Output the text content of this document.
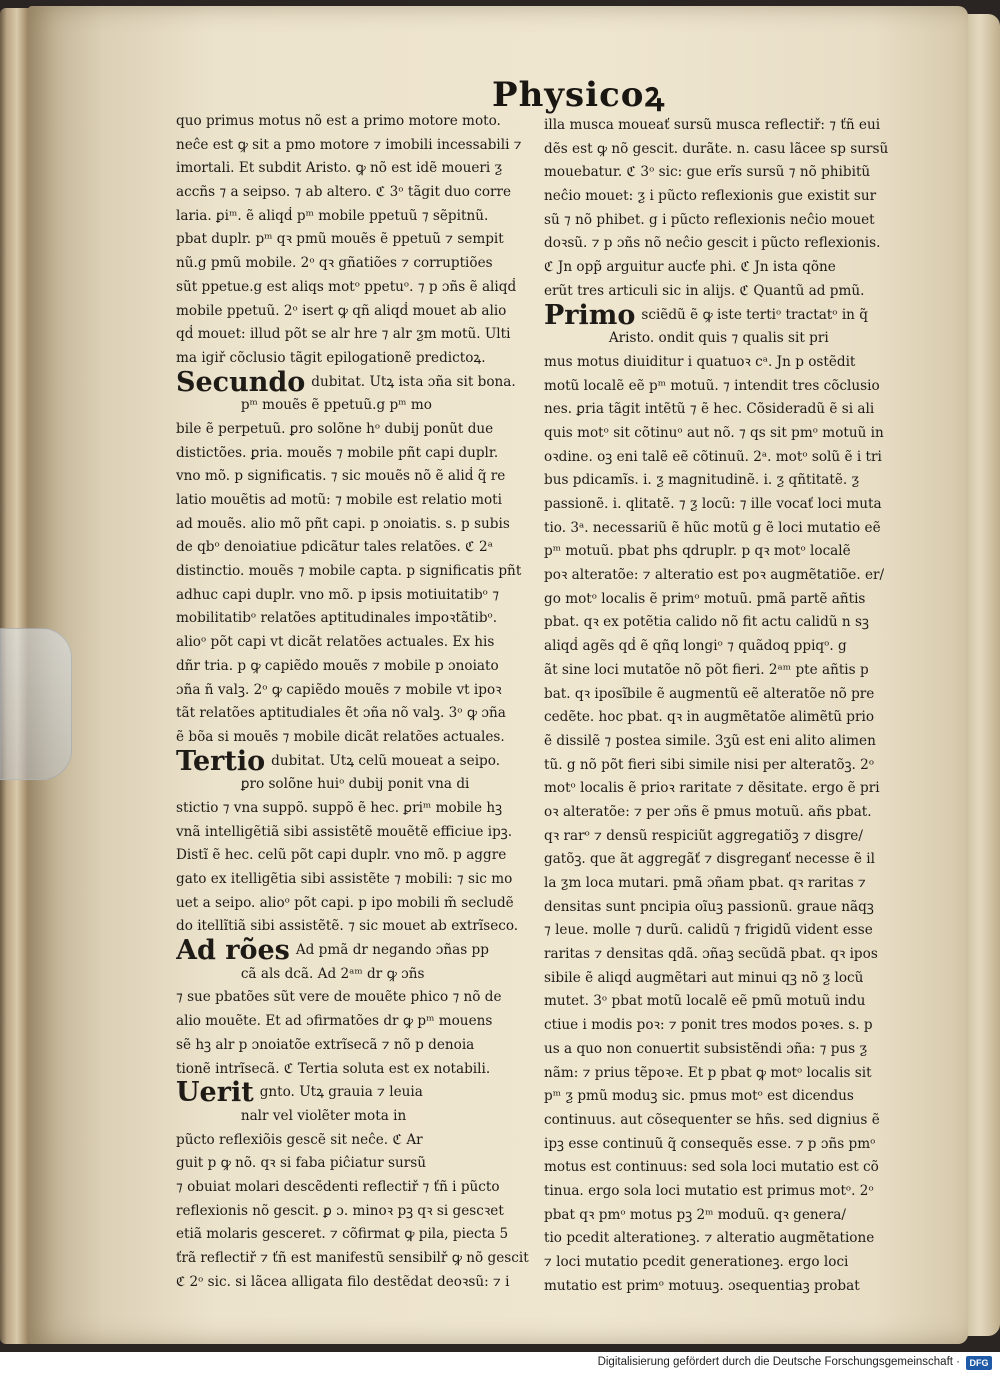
Physicoꝝ
quo primus motus nõ est a primo motore moto.
neĉe est ꝙ sit a pmo motore ⁊ imobili incessabili ⁊
imortali. Et subdit Aristo. ꝙ nõ est idẽ moueri ƺ
accñs ⁊ a seipso. ⁊ ab altero. ℭ 3ᵒ tãgit duo corre
laria. ꝑiᵐ. ẽ aliqḋ pᵐ mobile ppetuũ ⁊ sẽpitnũ.
pbat duplr. pᵐ qꝛ pmũ mouẽs ẽ ppetuũ ⁊ sempit
nũ.g pmũ mobile. 2ᵒ qꝛ gñatiões ⁊ corruptiões
sũt ppetue.g est aliqs motᵒ ppetuᵒ. ⁊ p ɔñs ẽ aliqḋ
mobile ppetuũ. 2ᵒ isert ꝙ qñ aliqḋ mouet ab alio
qḋ mouet: illud põt se alr hre ⁊ alr ƺm motũ. Ulti
ma igiř cõclusio tãgit epilogationẽ predictoꝝ.
Secundo dubitat. Utꝝ ista ɔña sit bona.
pᵐ mouẽs ẽ ppetuũ.g pᵐ mo
bile ẽ perpetuũ. ꝑro solõne hᵒ dubij ponũt due
distictões. ꝑria. mouẽs ⁊ mobile pñt capi duplr.
vno mõ. p significatis. ⁊ sic mouẽs nõ ẽ aliḋ q̃ re
latio mouẽtis ad motũ: ⁊ mobile est relatio moti
ad mouẽs. alio mõ pñt capi. p ɔnoiatis. s. p subis
de qbᵒ denoiatiue pdicãtur tales relatões. ℭ 2ᵃ
distinctio. mouẽs ⁊ mobile capta. p significatis pñt
adhuc capi duplr. vno mõ. p ipsis motiuitatibᵒ ⁊
mobilitatibᵒ relatões aptitudinales impoꝛtãtibᵒ.
alioᵒ põt capi vt dicãt relatões actuales. Ex his
dñr tria. p ꝙ capiẽdo mouẽs ⁊ mobile p ɔnoiato
ɔña ñ valꝫ. 2ᵒ ꝙ capiẽdo mouẽs ⁊ mobile vt ipoꝛ
tãt relatões aptitudiales ẽt ɔña nõ valꝫ. 3ᵒ ꝙ ɔña
ẽ bõa si mouẽs ⁊ mobile dicãt relatões actuales.
Tertio dubitat. Utꝝ celũ moueat a seipo.
ꝑro solõne huiᵒ dubij ponit vna di
stictio ⁊ vna suppõ. suppõ ẽ hec. ꝑriᵐ mobile hꝫ
vnã intelligẽtiã sibi assistẽtẽ mouẽtẽ efficiue ipꝫ.
Distĩ ẽ hec. celũ põt capi duplr. vno mõ. p aggre
gato ex itelligẽtia sibi assistẽte ⁊ mobili: ⁊ sic mo
uet a seipo. alioᵒ põt capi. p ipo mobili m̃ secludẽ
do itellĩtiã sibi assistẽtẽ. ⁊ sic mouet ab extrĩseco.
Ad rões Ad pmã dr negando ɔñas pp
cã als dcã. Ad 2ᵃᵐ dr ꝙ ɔñs
⁊ sue pbatões sũt vere de mouẽte phico ⁊ nõ de
alio mouẽte. Et ad ɔfirmatões dr ꝙ pᵐ mouens
sẽ hꝫ alr p ɔnoiatõe extrĩsecã ⁊ nõ p denoia
tionẽ intrĩsecã. ℭ Tertia soluta est ex notabili.
Uerit gnto. Utꝝ grauia ⁊ leuia
nalr vel violẽter mota in
pũcto reflexiõis gescẽ sit neĉe. ℭ Ar
guit p ꝙ nõ. qꝛ si faba piĉiatur sursũ
⁊ obuiat molari descẽdenti reflectiř ⁊ ťñ i pũcto
reflexionis nõ gescit. ꝑ ɔ. minoꝛ pꝫ qꝛ si gescꝛet
etiã molaris gesceret. ⁊ cõfirmat ꝙ pila, piecta 5
ťrã reflectiř ⁊ ťñ est manifestũ sensibilř ꝙ nõ gescit
ℭ 2ᵒ sic. si lãcea alligata filo destẽdat deoꝛsũ: ⁊ i
illa musca moueať sursũ musca reflectiř: ⁊ ťñ eui
dẽs est ꝙ nõ gescit. durãte. n. casu lãcee sp sursũ
mouebatur. ℭ 3ᵒ sic: gue erĩs sursũ ⁊ nõ phibitũ
neĉio mouet: ƺ i pũcto reflexionis gue existit sur
sũ ⁊ nõ phibet. g i pũcto reflexionis neĉio mouet
doꝛsũ. ⁊ p ɔñs nõ neĉio gescit i pũcto reflexionis.
ℭ Jn opp̃ arguitur aucťe phi. ℭ Jn ista qõne
erũt tres articuli sic in alijs. ℭ Quantũ ad pmũ.
Primo sciẽdũ ẽ ꝙ iste tertiᵒ tractatᵒ in q̃
Aristo. ondit quis ⁊ qualis sit pri
mus motus diuiditur i quatuoꝛ cᵃ. Jn p ostẽdit
motũ localẽ eẽ pᵐ motuũ. ⁊ intendit tres cõclusio
nes. ꝑria tãgit intẽtũ ⁊ ẽ hec. Cõsideradũ ẽ si ali
quis motᵒ sit cõtinuᵒ aut nõ. ⁊ qs sit pmᵒ motuũ in
oꝛdine. oꝫ eni talẽ eẽ cõtinuũ. 2ᵃ. motᵒ solũ ẽ i tri
bus pdicamĩs. i. ƺ magnitudinẽ. i. ƺ qñtitatẽ. ƺ
passionẽ. i. qlitatẽ. ⁊ ƺ locũ: ⁊ ille vocať loci muta
tio. 3ᵃ. necessariũ ẽ hũc motũ g ẽ loci mutatio eẽ
pᵐ motuũ. pbat phs qdruplr. p qꝛ motᵒ localẽ
poꝛ alteratõe: ⁊ alteratio est poꝛ augmẽtatiõe. er/
go motᵒ localis ẽ primᵒ motuũ. pmã partẽ añtis
pbat. qꝛ ex potẽtia calido nõ fit actu calidũ n sꝫ
aliqḋ agẽs qḋ ẽ qñq longiᵒ ⁊ quãdoq ppiqᵒ. g
ãt sine loci mutatõe nõ põt fieri. 2ᵃᵐ pte añtis p
bat. qꝛ iposĩbile ẽ augmentũ eẽ alteratõe nõ pre
cedẽte. hoc pbat. qꝛ in augmẽtatõe alimẽtũ prio
ẽ dissilẽ ⁊ postea simile. 3ʒũ est eni alito alimen
tũ. g nõ põt fieri sibi simile nisi per alteratõꝫ. 2ᵒ
motᵒ localis ẽ prioꝛ raritate ⁊ dẽsitate. ergo ẽ pri
oꝛ alteratõe: ⁊ per ɔñs ẽ pmus motuũ. añs pbat.
qꝛ rarᵒ ⁊ densũ respiciũt aggregatiõꝫ ⁊ disgre/
gatõꝫ. que ãt aggregãť ⁊ disgreganť necesse ẽ il
la ƺm loca mutari. pmã ɔñam pbat. qꝛ raritas ⁊
densitas sunt pncipia oĩuꝫ passionũ. graue nãqꝫ
⁊ leue. molle ⁊ durũ. calidũ ⁊ frigidũ vident esse
raritas ⁊ densitas qdã. ɔñaꝫ secũdã pbat. qꝛ ipos
sibile ẽ aliqḋ augmẽtari aut minui qꝫ nõ ƺ locũ
mutet. 3ᵒ pbat motũ localẽ eẽ pmũ motuũ indu
ctiue i modis poꝛ: ⁊ ponit tres modos poꝛes. s. p
us a quo non conuertit subsistẽndi ɔña: ⁊ pus ƺ
nãm: ⁊ prius tẽpoꝛe. Et p pbat ꝙ motᵒ localis sit
pᵐ ƺ pmũ moduꝫ sic. pmus motᵒ est dicendus
continuus. aut cõsequenter se hñs. sed dignius ẽ
ipꝫ esse continuũ q̃ consequẽs esse. ⁊ p ɔñs pmᵒ
motus est continuus: sed sola loci mutatio est cõ
tinua. ergo sola loci mutatio est primus motᵒ. 2ᵒ
pbat qꝛ pmᵒ motus pꝫ 2ᵐ moduũ. qꝛ genera/
tio pcedit alterationeꝫ. ⁊ alteratio augmẽtatione
⁊ loci mutatio pcedit generationeꝫ. ergo loci
mutatio est primᵒ motuuꝫ. ɔsequentiaꝫ probat
Digitalisierung gefördert durch die Deutsche Forschungsgemeinschaft ·	DFG
